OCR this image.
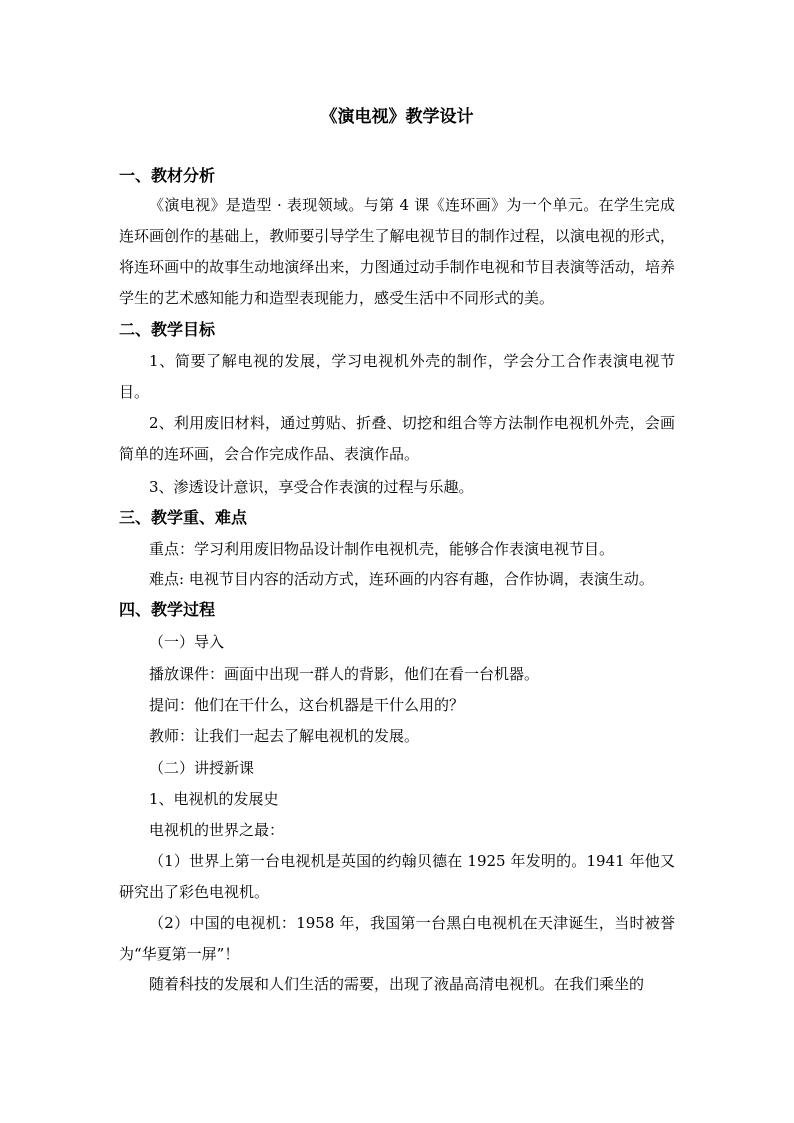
《演电视》教学设计
一、教材分析
《演电视》是造型 · 表现领域。与第 4 课《连环画》为一个单元。在学生完成连环画创作的基础上，教师要引导学生了解电视节目的制作过程，以演电视的形式，将连环画中的故事生动地演绎出来，力图通过动手制作电视和节目表演等活动，培养学生的艺术感知能力和造型表现能力，感受生活中不同形式的美。
二、教学目标
1、简要了解电视的发展，学习电视机外壳的制作，学会分工合作表演电视节目。
2、利用废旧材料，通过剪贴、折叠、切挖和组合等方法制作电视机外壳，会画简单的连环画，会合作完成作品、表演作品。
3、渗透设计意识，享受合作表演的过程与乐趣。
三、教学重、难点
重点：学习利用废旧物品设计制作电视机壳，能够合作表演电视节目。
难点: 电视节目内容的活动方式，连环画的内容有趣，合作协调，表演生动。
四、教学过程
（一）导入
播放课件：画面中出现一群人的背影，他们在看一台机器。
提问：他们在干什么，这台机器是干什么用的？
教师：让我们一起去了解电视机的发展。
（二）讲授新课
1、电视机的发展史
电视机的世界之最：
（1）世界上第一台电视机是英国的约翰贝德在 1925 年发明的。1941 年他又研究出了彩色电视机。
（2）中国的电视机：1958 年，我国第一台黑白电视机在天津诞生，当时被誉为“华夏第一屏”！
随着科技的发展和人们生活的需要，出现了液晶高清电视机。在我们乘坐的
